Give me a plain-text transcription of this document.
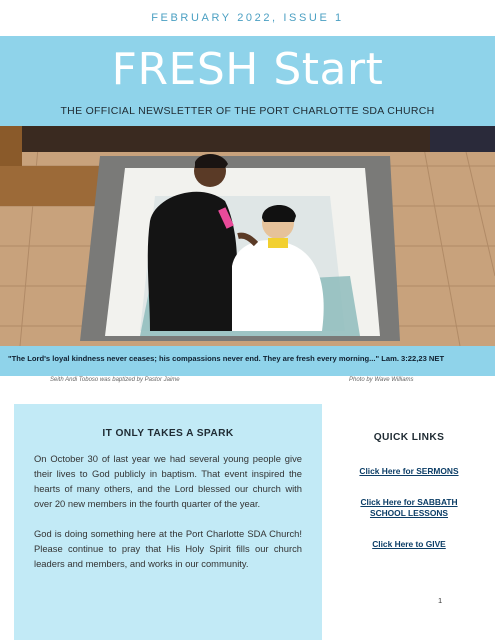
FEBRUARY 2022, ISSUE 1
FRESH Start
THE OFFICIAL NEWSLETTER OF THE PORT CHARLOTTE SDA CHURCH
"The Lord's loyal kindness never ceases; his compassions never end. They are fresh every morning..." Lam. 3:22,23 NET
Seith Andi Toboso was baptized by Pastor Jaime	Photo by Wave Williams
IT ONLY TAKES A SPARK

On October 30 of last year we had several young people give their lives to God publicly in baptism. That event inspired the hearts of many others, and the Lord blessed our church with over 20 new members in the fourth quarter of the year.

God is doing something here at the Port Charlotte SDA Church! Please continue to pray that His Holy Spirit fills our church leaders and members, and works in our community.

QUICK LINKS
Click Here for SERMONS
Click Here for SABBATH SCHOOL LESSONS
Click Here to GIVE
1
